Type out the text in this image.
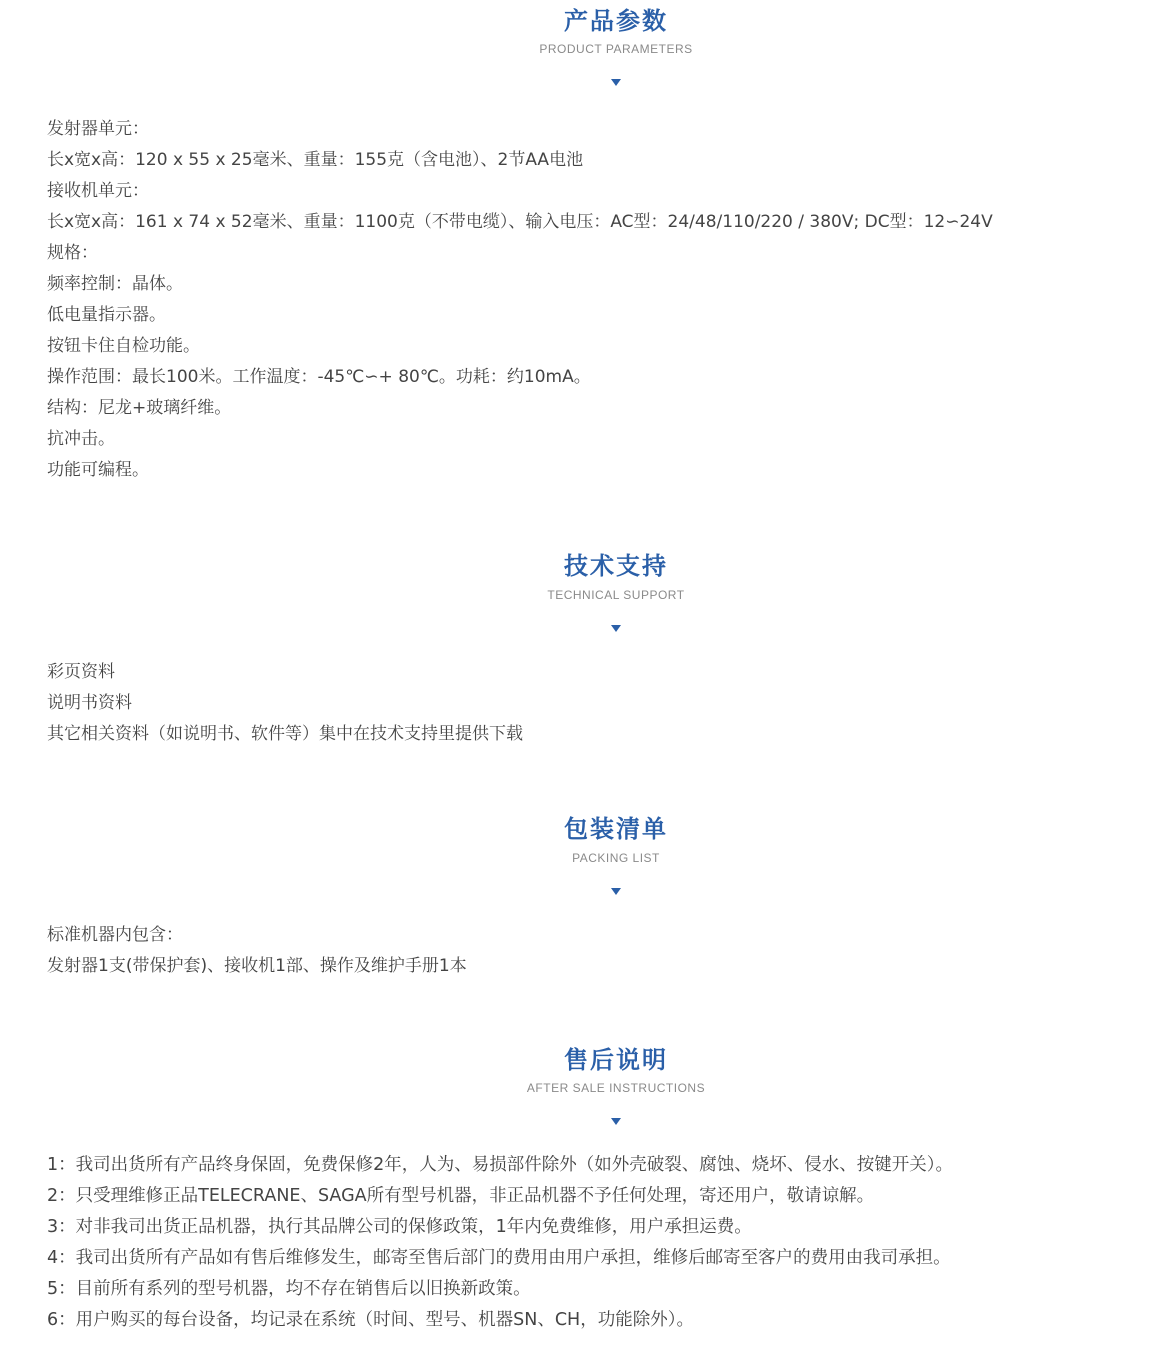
产品参数
PRODUCT PARAMETERS
发射器单元：
长x宽x高：120 x 55 x 25毫米、重量：155克（含电池）、2节AA电池
接收机单元：
长x宽x高：161 x 74 x 52毫米、重量：1100克（不带电缆）、输入电压：AC型：24/48/110/220 / 380V; DC型：12∽24V
规格：
频率控制：晶体。
低电量指示器。
按钮卡住自检功能。
操作范围：最长100米。工作温度：-45℃∽+ 80℃。功耗：约10mA。
结构：尼龙+玻璃纤维。
抗冲击。
功能可编程。
技术支持
TECHNICAL SUPPORT
彩页资料
说明书资料
其它相关资料（如说明书、软件等）集中在技术支持里提供下载
包装清单
PACKING LIST
标准机器内包含：
发射器1支(带保护套)、接收机1部、操作及维护手册1本
售后说明
AFTER SALE INSTRUCTIONS
1：我司出货所有产品终身保固，免费保修2年，人为、易损部件除外（如外壳破裂、腐蚀、烧坏、侵水、按键开关）。
2：只受理维修正品TELECRANE、SAGA所有型号机器，非正品机器不予任何处理，寄还用户，敬请谅解。
3：对非我司出货正品机器，执行其品牌公司的保修政策，1年内免费维修，用户承担运费。
4：我司出货所有产品如有售后维修发生，邮寄至售后部门的费用由用户承担，维修后邮寄至客户的费用由我司承担。
5：目前所有系列的型号机器，均不存在销售后以旧换新政策。
6：用户购买的每台设备，均记录在系统（时间、型号、机器SN、CH，功能除外）。
